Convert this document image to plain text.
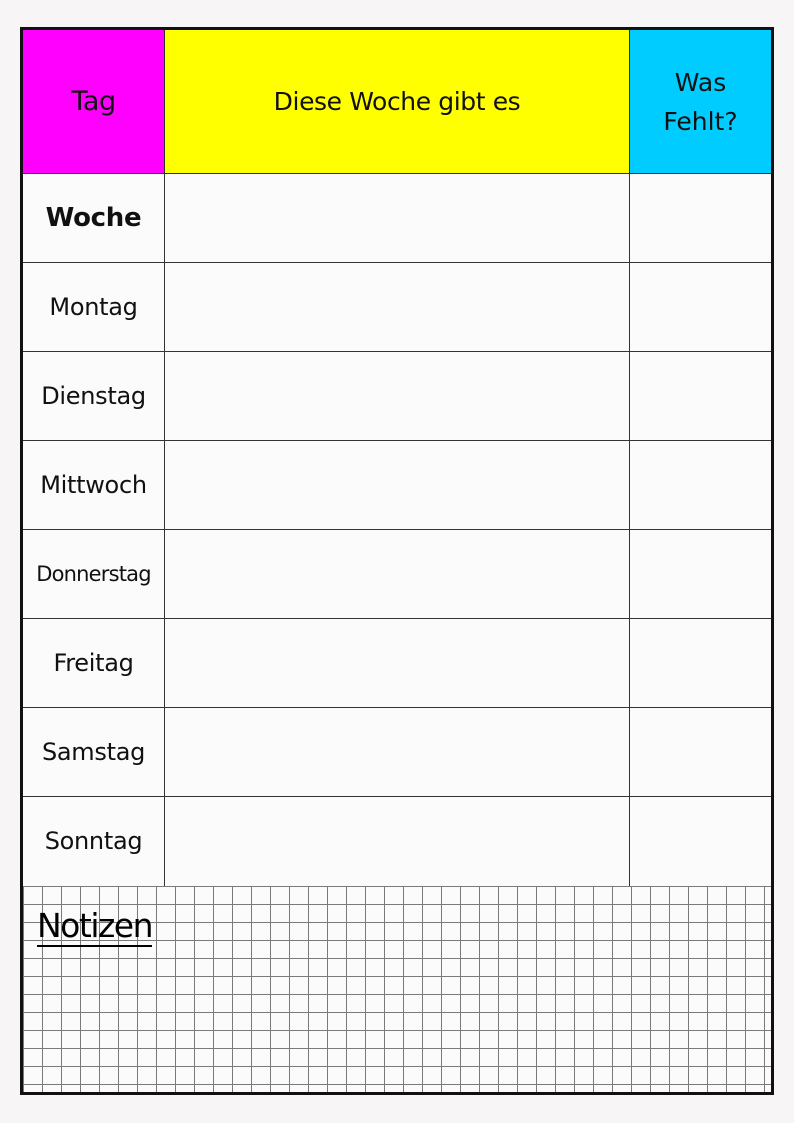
Tag	Diese Woche gibt es
Was
Fehlt?
Woche
Montag
Dienstag
Mittwoch
Donnerstag
Freitag
Samstag
Sonntag
Notizen
